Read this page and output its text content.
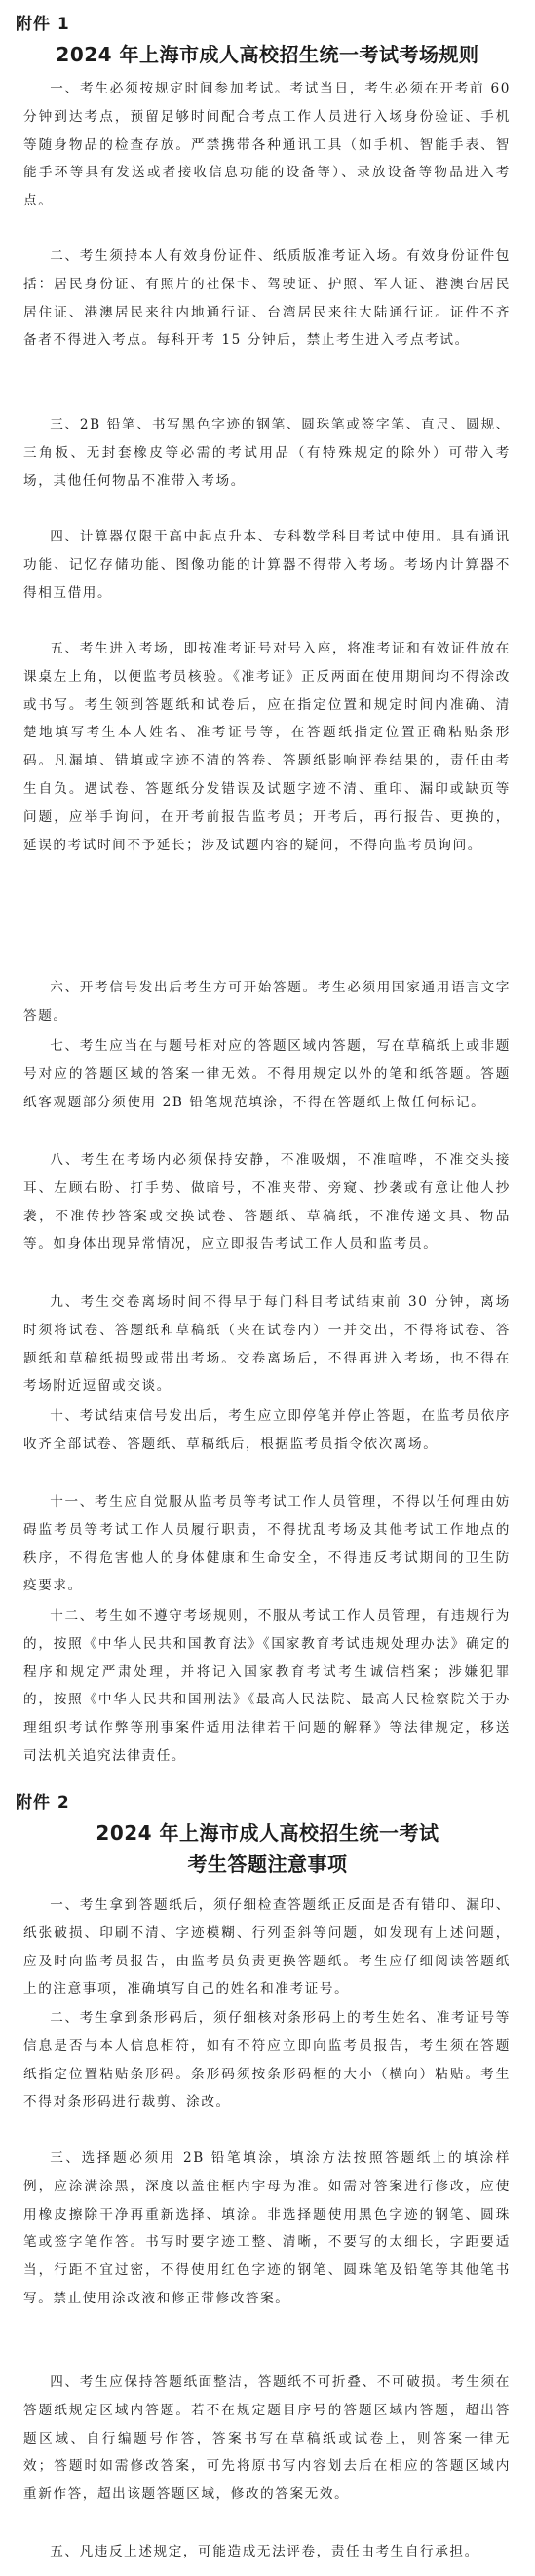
附件 1
2024 年上海市成人高校招生统一考试考场规则

一、考生必须按规定时间参加考试。考试当日，考生必须在开考前 60 分钟到达考点，预留足够时间配合考点工作人员进行入场身份验证、手机等随身物品的检查存放。严禁携带各种通讯工具（如手机、智能手表、智能手环等具有发送或者接收信息功能的设备等）、录放设备等物品进入考点。

二、考生须持本人有效身份证件、纸质版准考证入场。有效身份证件包括：居民身份证、有照片的社保卡、驾驶证、护照、军人证、港澳台居民居住证、港澳居民来往内地通行证、台湾居民来往大陆通行证。证件不齐备者不得进入考点。每科开考 15 分钟后，禁止考生进入考点考试。

三、2B 铅笔、书写黑色字迹的钢笔、圆珠笔或签字笔、直尺、圆规、三角板、无封套橡皮等必需的考试用品（有特殊规定的除外）可带入考场，其他任何物品不准带入考场。

四、计算器仅限于高中起点升本、专科数学科目考试中使用。具有通讯功能、记忆存储功能、图像功能的计算器不得带入考场。考场内计算器不得相互借用。

五、考生进入考场，即按准考证号对号入座，将准考证和有效证件放在课桌左上角，以便监考员核验。《准考证》正反两面在使用期间均不得涂改或书写。考生领到答题纸和试卷后，应在指定位置和规定时间内准确、清楚地填写考生本人姓名、准考证号等，在答题纸指定位置正确粘贴条形码。凡漏填、错填或字迹不清的答卷、答题纸影响评卷结果的，责任由考生自负。遇试卷、答题纸分发错误及试题字迹不清、重印、漏印或缺页等问题，应举手询问，在开考前报告监考员；开考后，再行报告、更换的，延误的考试时间不予延长；涉及试题内容的疑问，不得向监考员询问。

六、开考信号发出后考生方可开始答题。考生必须用国家通用语言文字答题。

七、考生应当在与题号相对应的答题区域内答题，写在草稿纸上或非题号对应的答题区域的答案一律无效。不得用规定以外的笔和纸答题。答题纸客观题部分须使用 2B 铅笔规范填涂，不得在答题纸上做任何标记。

八、考生在考场内必须保持安静，不准吸烟，不准喧哗，不准交头接耳、左顾右盼、打手势、做暗号，不准夹带、旁窥、抄袭或有意让他人抄袭，不准传抄答案或交换试卷、答题纸、草稿纸，不准传递文具、物品等。如身体出现异常情况，应立即报告考试工作人员和监考员。

九、考生交卷离场时间不得早于每门科目考试结束前 30 分钟，离场时须将试卷、答题纸和草稿纸（夹在试卷内）一并交出，不得将试卷、答题纸和草稿纸损毁或带出考场。交卷离场后，不得再进入考场，也不得在考场附近逗留或交谈。

十、考试结束信号发出后，考生应立即停笔并停止答题，在监考员依序收齐全部试卷、答题纸、草稿纸后，根据监考员指令依次离场。

十一、考生应自觉服从监考员等考试工作人员管理，不得以任何理由妨碍监考员等考试工作人员履行职责，不得扰乱考场及其他考试工作地点的秩序，不得危害他人的身体健康和生命安全，不得违反考试期间的卫生防疫要求。

十二、考生如不遵守考场规则，不服从考试工作人员管理，有违规行为的，按照《中华人民共和国教育法》《国家教育考试违规处理办法》确定的程序和规定严肃处理，并将记入国家教育考试考生诚信档案；涉嫌犯罪的，按照《中华人民共和国刑法》《最高人民法院、最高人民检察院关于办理组织考试作弊等刑事案件适用法律若干问题的解释》等法律规定，移送司法机关追究法律责任。

附件 2
2024 年上海市成人高校招生统一考试
考生答题注意事项

一、考生拿到答题纸后，须仔细检查答题纸正反面是否有错印、漏印、纸张破损、印刷不清、字迹模糊、行列歪斜等问题，如发现有上述问题，应及时向监考员报告，由监考员负责更换答题纸。考生应仔细阅读答题纸上的注意事项，准确填写自己的姓名和准考证号。

二、考生拿到条形码后，须仔细核对条形码上的考生姓名、准考证号等信息是否与本人信息相符，如有不符应立即向监考员报告，考生须在答题纸指定位置粘贴条形码。条形码须按条形码框的大小（横向）粘贴。考生不得对条形码进行裁剪、涂改。

三、选择题必须用 2B 铅笔填涂，填涂方法按照答题纸上的填涂样例，应涂满涂黑，深度以盖住框内字母为准。如需对答案进行修改，应使用橡皮擦除干净再重新选择、填涂。非选择题使用黑色字迹的钢笔、圆珠笔或签字笔作答。书写时要字迹工整、清晰，不要写的太细长，字距要适当，行距不宜过密，不得使用红色字迹的钢笔、圆珠笔及铅笔等其他笔书写。禁止使用涂改液和修正带修改答案。

四、考生应保持答题纸面整洁，答题纸不可折叠、不可破损。考生须在答题纸规定区域内答题。若不在规定题目序号的答题区域内答题，超出答题区域、自行编题号作答，答案书写在草稿纸或试卷上，则答案一律无效；答题时如需修改答案，可先将原书写内容划去后在相应的答题区域内重新作答，超出该题答题区域，修改的答案无效。

五、凡违反上述规定，可能造成无法评卷，责任由考生自行承担。
